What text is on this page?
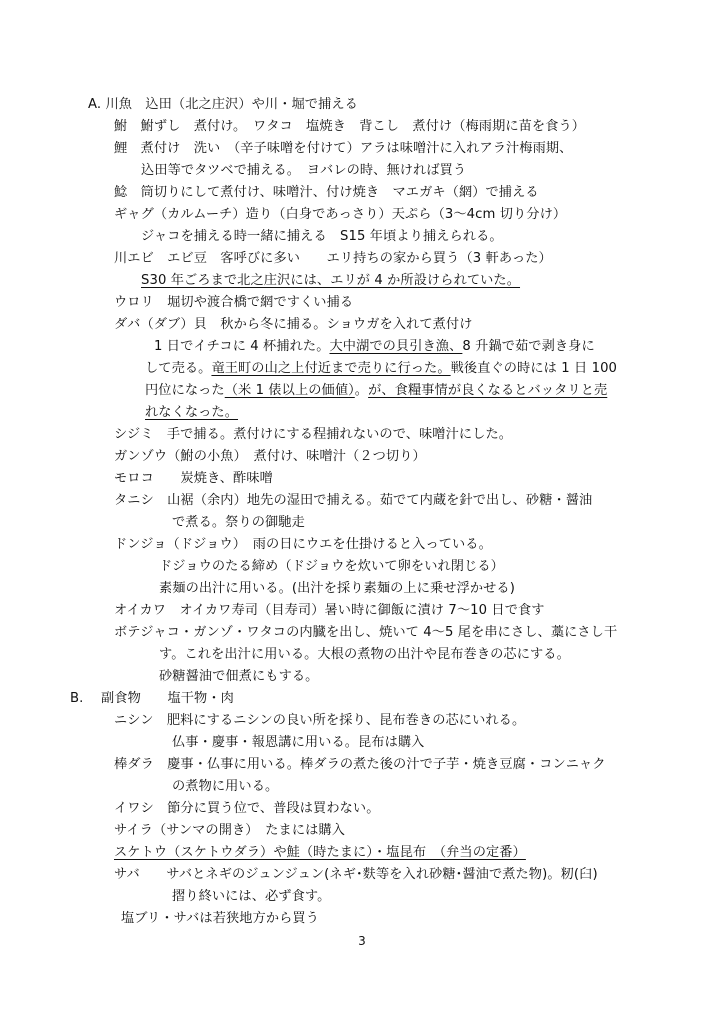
A. 川魚　込田（北之庄沢）や川・堀で捕える
鮒　鮒ずし　煮付け。　ワタコ　塩焼き　背こし　煮付け（梅雨期に苗を食う）
鯉　煮付け　洗い　（辛子味噌を付けて）アラは味噌汁に入れアラ汁梅雨期、
込田等でタツベで捕える。　ヨバレの時、無ければ買う
鯰　筒切りにして煮付け、味噌汁、付け焼き　マエガキ（網）で捕える
ギャグ（カルムーチ）造り（白身であっさり）天ぷら（3〜4cm 切り分け）
ジャコを捕える時一緒に捕える　S15 年頃より捕えられる。
川エビ　エビ豆　客呼びに多い　　エリ持ちの家から買う（3 軒あった）
S30 年ごろまで北之庄沢には、エリが 4 か所設けられていた。
ウロリ　堀切や渡合橋で網ですくい捕る
ダバ（ダブ）貝　秋から冬に捕る。ショウガを入れて煮付け
1 日でイチコに 4 杯捕れた。大中湖での貝引き漁、8 升鍋で茹で剥き身に
して売る。竜王町の山之上付近まで売りに行った。戦後直ぐの時には 1 日 100
円位になった（米 1 俵以上の価値）。が、食糧事情が良くなるとバッタリと売
れなくなった。
シジミ　手で捕る。煮付けにする程捕れないので、味噌汁にした。
ガンゾウ（鮒の小魚）　煮付け、味噌汁（２つ切り）
モロコ　　炭焼き、酢味噌
タニシ　山裾（余内）地先の湿田で捕える。茹でて内蔵を針で出し、砂糖・醤油
で煮る。祭りの御馳走
ドンジョ（ドジョウ）　雨の日にウエを仕掛けると入っている。
ドジョウのたる締め（ドジョウを炊いて卵をいれ閉じる）
素麺の出汁に用いる。(出汁を採り素麺の上に乗せ浮かせる)
オイカワ　オイカワ寿司（目寿司）暑い時に御飯に漬け 7〜10 日で食す
ボテジャコ・ガンゾ・ワタコの内臓を出し、焼いて 4〜5 尾を串にさし、藁にさし干
す。これを出汁に用いる。大根の煮物の出汁や昆布巻きの芯にする。
砂糖醤油で佃煮にもする。
B.　 副食物　　塩干物・肉
ニシン　肥料にするニシンの良い所を採り、昆布巻きの芯にいれる。
仏事・慶事・報恩講に用いる。昆布は購入
棒ダラ　慶事・仏事に用いる。棒ダラの煮た後の汁で子芋・焼き豆腐・コンニャク
の煮物に用いる。
イワシ　節分に買う位で、普段は買わない。
サイラ（サンマの開き）　たまには購入
スケトウ（スケトウダラ）や鮭（時たまに）・塩昆布　（弁当の定番）
サバ　　サバとネギのジュンジュン(ネギ･麩等を入れ砂糖･醤油で煮た物)。籾(臼)
摺り終いには、必ず食す。
塩ブリ・サバは若狭地方から買う
3
